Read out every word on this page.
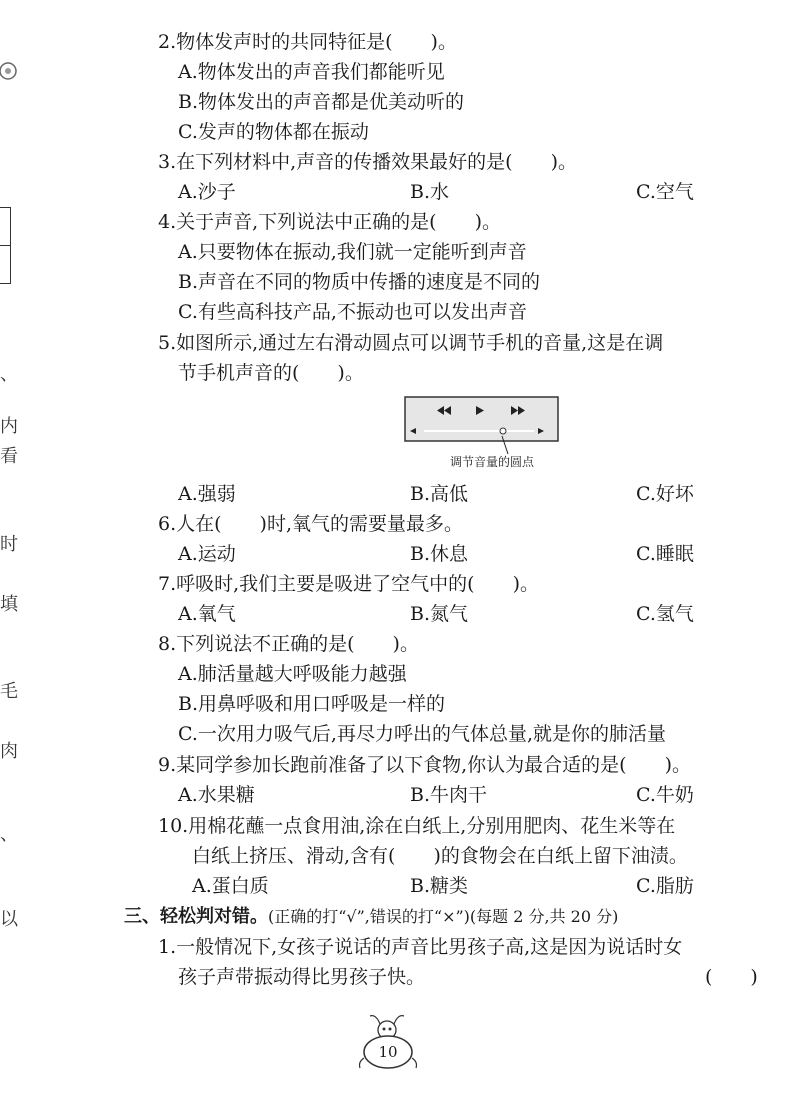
、
内
看
时
填
毛
肉
、
以
2.物体发声时的共同特征是(　　)。
A.物体发出的声音我们都能听见
B.物体发出的声音都是优美动听的
C.发声的物体都在振动
3.在下列材料中,声音的传播效果最好的是(　　)。
A.沙子	B.水	C.空气
4.关于声音,下列说法中正确的是(　　)。
A.只要物体在振动,我们就一定能听到声音
B.声音在不同的物质中传播的速度是不同的
C.有些高科技产品,不振动也可以发出声音
5.如图所示,通过左右滑动圆点可以调节手机的音量,这是在调
节手机声音的(　　)。
调节音量的圆点
A.强弱	B.高低	C.好坏
6.人在(　　)时,氧气的需要量最多。
A.运动	B.休息	C.睡眠
7.呼吸时,我们主要是吸进了空气中的(　　)。
A.氧气	B.氮气	C.氢气
8.下列说法不正确的是(　　)。
A.肺活量越大呼吸能力越强
B.用鼻呼吸和用口呼吸是一样的
C.一次用力吸气后,再尽力呼出的气体总量,就是你的肺活量
9.某同学参加长跑前准备了以下食物,你认为最合适的是(　　)。
A.水果糖	B.牛肉干	C.牛奶
10.用棉花蘸一点食用油,涂在白纸上,分别用肥肉、花生米等在
白纸上挤压、滑动,含有(　　)的食物会在白纸上留下油渍。
A.蛋白质	B.糖类	C.脂肪
三、轻松判对错。(正确的打“√”,错误的打“×”)(每题 2 分,共 20 分)
1.一般情况下,女孩子说话的声音比男孩子高,这是因为说话时女
孩子声带振动得比男孩子快。	(　　)
10
